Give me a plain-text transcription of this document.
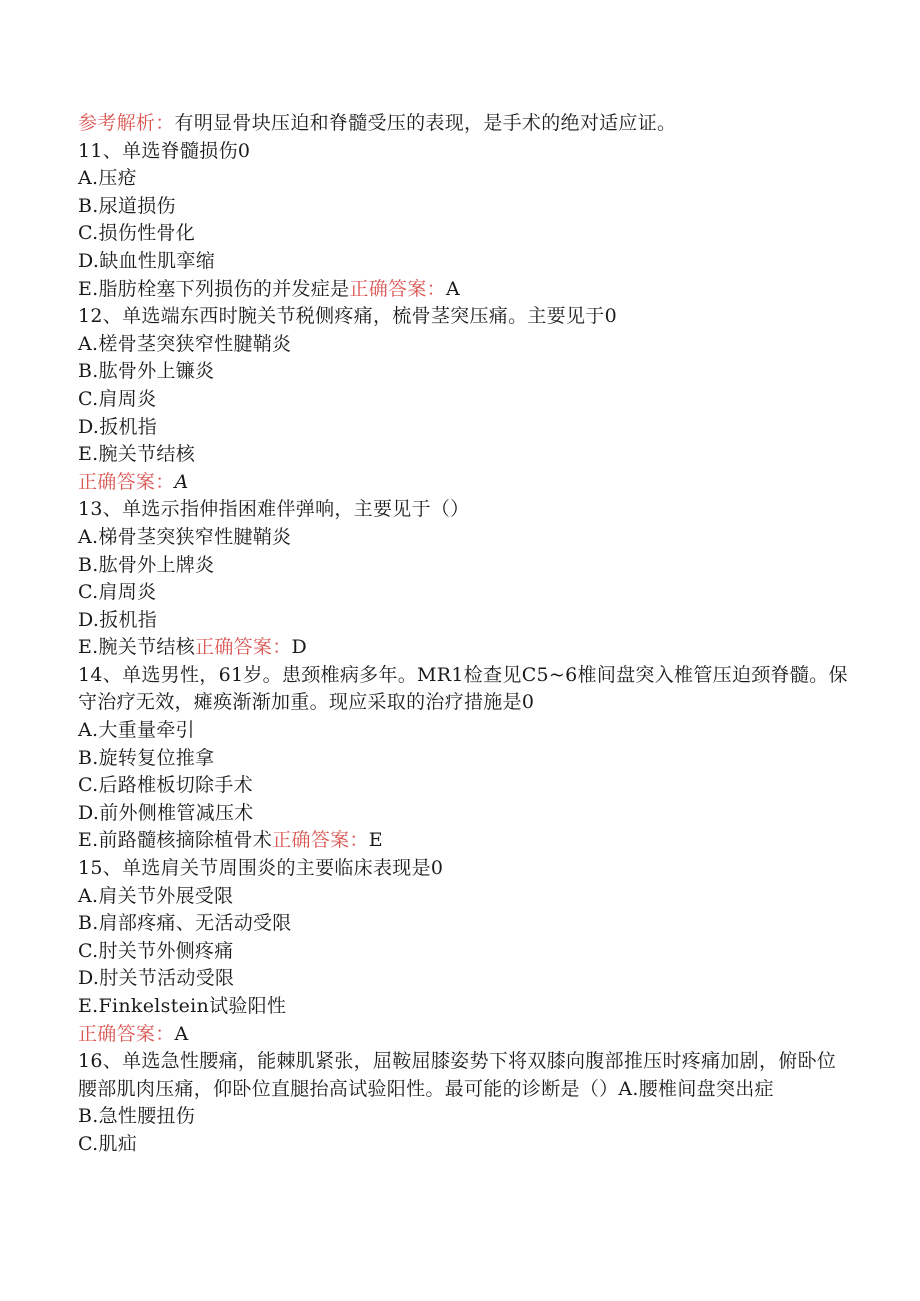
参考解析：有明显骨块压迫和脊髓受压的表现，是手术的绝对适应证。
11、单选脊髓损伤0
A.压疮
B.尿道损伤
C.损伤性骨化
D.缺血性肌挛缩
E.脂肪栓塞下列损伤的并发症是正确答案：A
12、单选端东西时腕关节税侧疼痛，梳骨茎突压痛。主要见于0
A.槎骨茎突狭窄性腱鞘炎
B.肱骨外上镰炎
C.肩周炎
D.扳机指
E.腕关节结核
正确答案：A
13、单选示指伸指困难伴弹响，主要见于（）
A.梯骨茎突狭窄性腱鞘炎
B.肱骨外上牌炎
C.肩周炎
D.扳机指
E.腕关节结核正确答案：D
14、单选男性，61岁。患颈椎病多年。MR1检查见C5~6椎间盘突入椎管压迫颈脊髓。保守治疗无效，瘫痪渐渐加重。现应采取的治疗措施是0
A.大重量牵引
B.旋转复位推拿
C.后路椎板切除手术
D.前外侧椎管减压术
E.前路髓核摘除植骨术正确答案：E
15、单选肩关节周围炎的主要临床表现是0
A.肩关节外展受限
B.肩部疼痛、无活动受限
C.肘关节外侧疼痛
D.肘关节活动受限
E.Finkelstein试验阳性
正确答案：A
16、单选急性腰痛，能棘肌紧张，屈鞍屈膝姿势下将双膝向腹部推压时疼痛加剧，俯卧位腰部肌肉压痛，仰卧位直腿抬高试验阳性。最可能的诊断是（）A.腰椎间盘突出症
B.急性腰扭伤
C.肌疝
